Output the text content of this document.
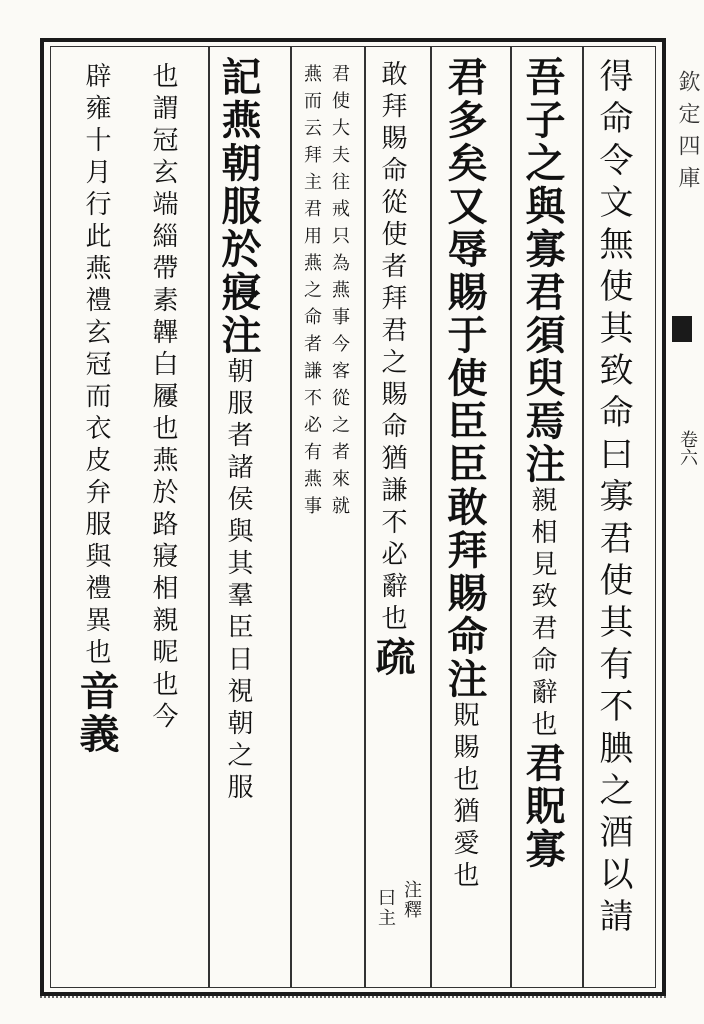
得命令文無使其致命曰寡君使其有不腆之酒以請
吾子之與寡君須臾焉注親相見致君命辭也君貺寡
君多矣又辱賜于使臣臣敢拜賜命注貺賜也猶愛也
敢拜賜命從使者拜君之賜命猶謙不必辭也疏
注釋
曰主
君使大夫往戒只為燕事今客從之者來就
燕而云拜主君用燕之命者謙不必有燕事
記燕朝服於寢注朝服者諸侯與其羣臣日視朝之服
也謂冠玄端緇帶素韠白屨也燕於路寢相親昵也今
辟雍十月行此燕禮玄冠而衣皮弁服與禮異也音義
欽定四庫
卷六
